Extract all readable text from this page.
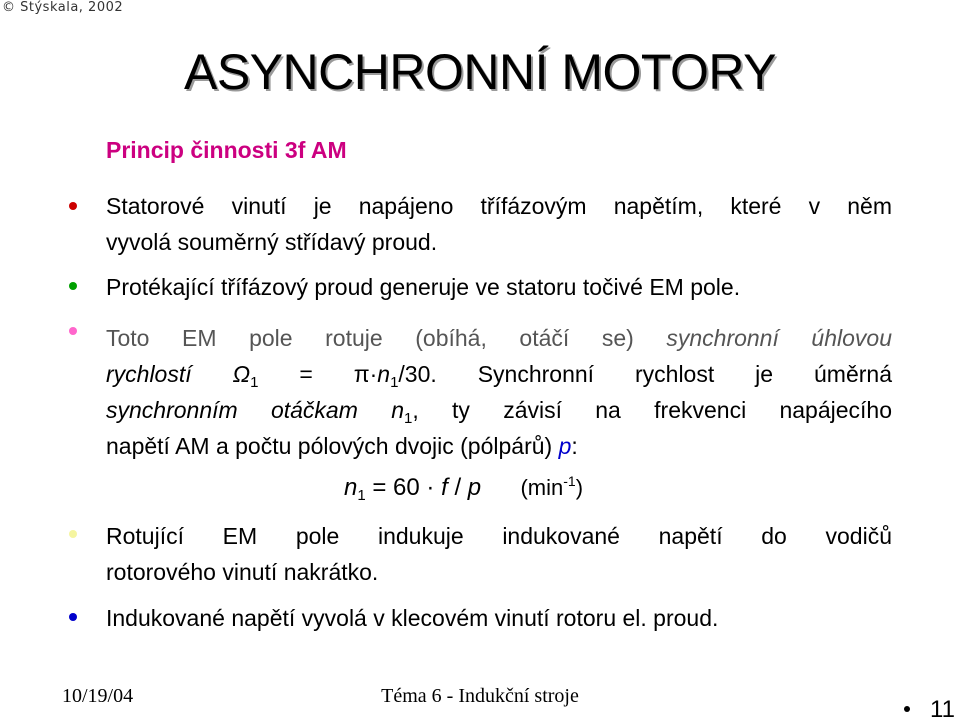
© Stýskala, 2002
ASYNCHRONNÍ MOTORY
Princip činnosti 3f AM
Statorové vinutí je napájeno třífázovým napětím, které v něm
vyvolá souměrný střídavý proud.
Protékající třífázový proud generuje ve statoru točivé EM pole.
Toto EM pole rotuje (obíhá, otáčí se) synchronní úhlovou
rychlostí $\Omega_1 = \pi\cdot n_1/30$. Synchronní rychlost je úměrná
synchronním otáčkam $n_1$, ty závisí na frekvenci napájecího
napětí AM a počtu pólových dvojic (pólpárů) p:
$n_1 = 60 \cdot f / p$ $(\min^{-1})$
Rotující EM pole indukuje indukované napětí do vodičů
rotorového vinutí nakrátko.
Indukované napětí vyvolá v klecovém vinutí rotoru el. proud.
10/19/04	Téma 6 - Indukční stroje	11
